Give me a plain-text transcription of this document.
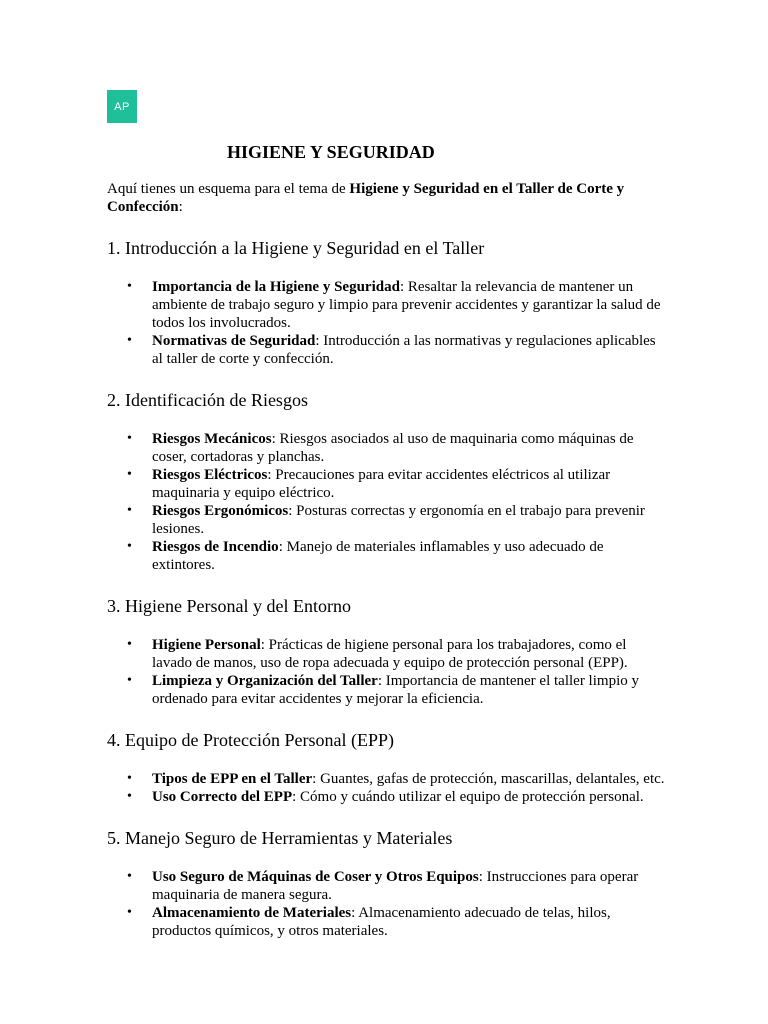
AP
HIGIENE Y SEGURIDAD

Aquí tienes un esquema para el tema de Higiene y Seguridad en el Taller de Corte y Confección:

1. Introducción a la Higiene y Seguridad en el Taller
• Importancia de la Higiene y Seguridad: Resaltar la relevancia de mantener un ambiente de trabajo seguro y limpio para prevenir accidentes y garantizar la salud de todos los involucrados.
• Normativas de Seguridad: Introducción a las normativas y regulaciones aplicables al taller de corte y confección.
2. Identificación de Riesgos
• Riesgos Mecánicos: Riesgos asociados al uso de maquinaria como máquinas de coser, cortadoras y planchas.
• Riesgos Eléctricos: Precauciones para evitar accidentes eléctricos al utilizar maquinaria y equipo eléctrico.
• Riesgos Ergonómicos: Posturas correctas y ergonomía en el trabajo para prevenir lesiones.
• Riesgos de Incendio: Manejo de materiales inflamables y uso adecuado de extintores.
3. Higiene Personal y del Entorno
• Higiene Personal: Prácticas de higiene personal para los trabajadores, como el lavado de manos, uso de ropa adecuada y equipo de protección personal (EPP).
• Limpieza y Organización del Taller: Importancia de mantener el taller limpio y ordenado para evitar accidentes y mejorar la eficiencia.
4. Equipo de Protección Personal (EPP)
• Tipos de EPP en el Taller: Guantes, gafas de protección, mascarillas, delantales, etc.
• Uso Correcto del EPP: Cómo y cuándo utilizar el equipo de protección personal.
5. Manejo Seguro de Herramientas y Materiales
• Uso Seguro de Máquinas de Coser y Otros Equipos: Instrucciones para operar maquinaria de manera segura.
• Almacenamiento de Materiales: Almacenamiento adecuado de telas, hilos, productos químicos, y otros materiales.
